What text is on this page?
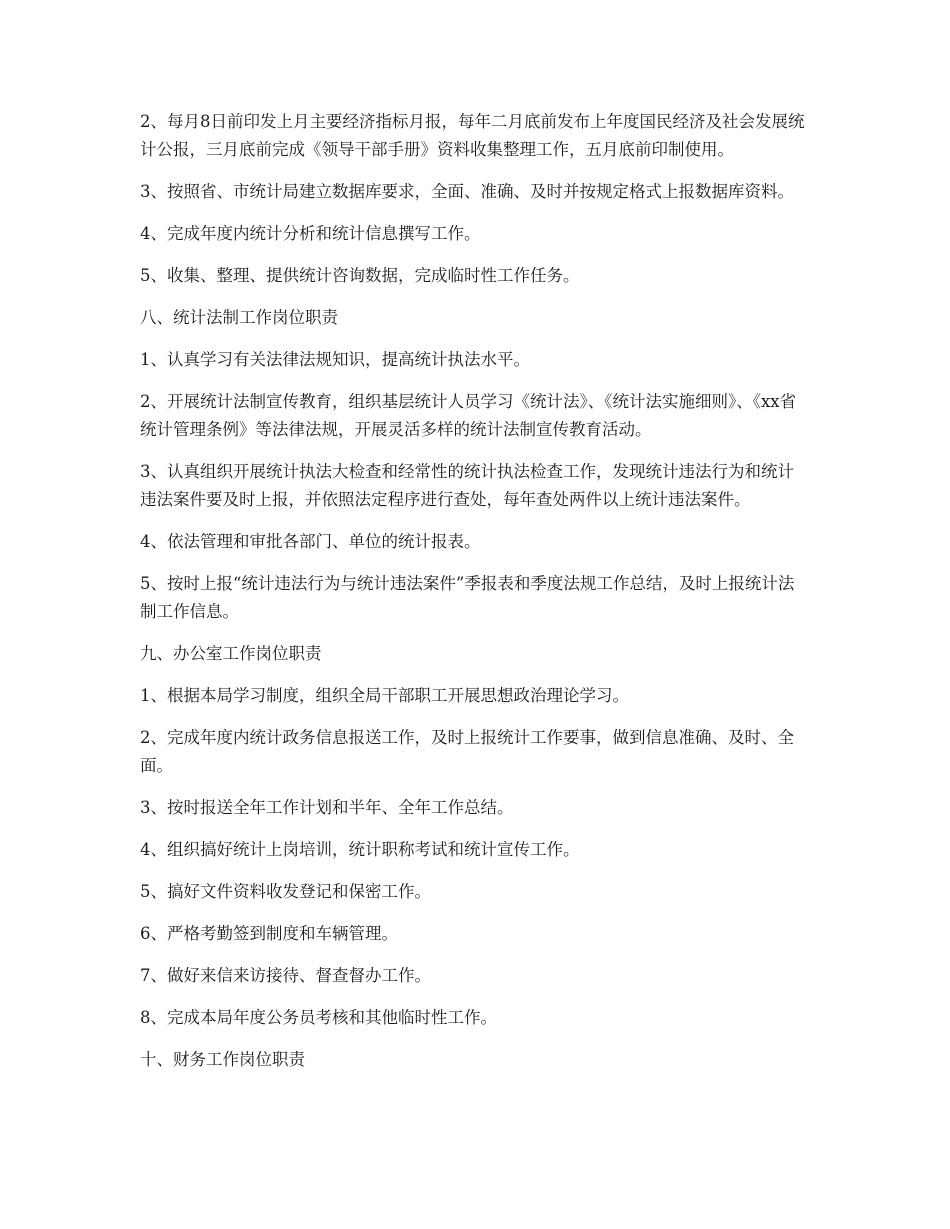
2、每月8日前印发上月主要经济指标月报，每年二月底前发布上年度国民经济及社会发展统计公报，三月底前完成《领导干部手册》资料收集整理工作，五月底前印制使用。

3、按照省、市统计局建立数据库要求，全面、准确、及时并按规定格式上报数据库资料。

4、完成年度内统计分析和统计信息撰写工作。

5、收集、整理、提供统计咨询数据，完成临时性工作任务。

八、统计法制工作岗位职责

1、认真学习有关法律法规知识，提高统计执法水平。

2、开展统计法制宣传教育，组织基层统计人员学习《统计法》、《统计法实施细则》、《xx省统计管理条例》等法律法规，开展灵活多样的统计法制宣传教育活动。

3、认真组织开展统计执法大检查和经常性的统计执法检查工作，发现统计违法行为和统计违法案件要及时上报，并依照法定程序进行查处，每年查处两件以上统计违法案件。

4、依法管理和审批各部门、单位的统计报表。

5、按时上报“统计违法行为与统计违法案件”季报表和季度法规工作总结，及时上报统计法制工作信息。

九、办公室工作岗位职责

1、根据本局学习制度，组织全局干部职工开展思想政治理论学习。

2、完成年度内统计政务信息报送工作，及时上报统计工作要事，做到信息准确、及时、全面。

3、按时报送全年工作计划和半年、全年工作总结。

4、组织搞好统计上岗培训，统计职称考试和统计宣传工作。

5、搞好文件资料收发登记和保密工作。

6、严格考勤签到制度和车辆管理。

7、做好来信来访接待、督查督办工作。

8、完成本局年度公务员考核和其他临时性工作。

十、财务工作岗位职责
